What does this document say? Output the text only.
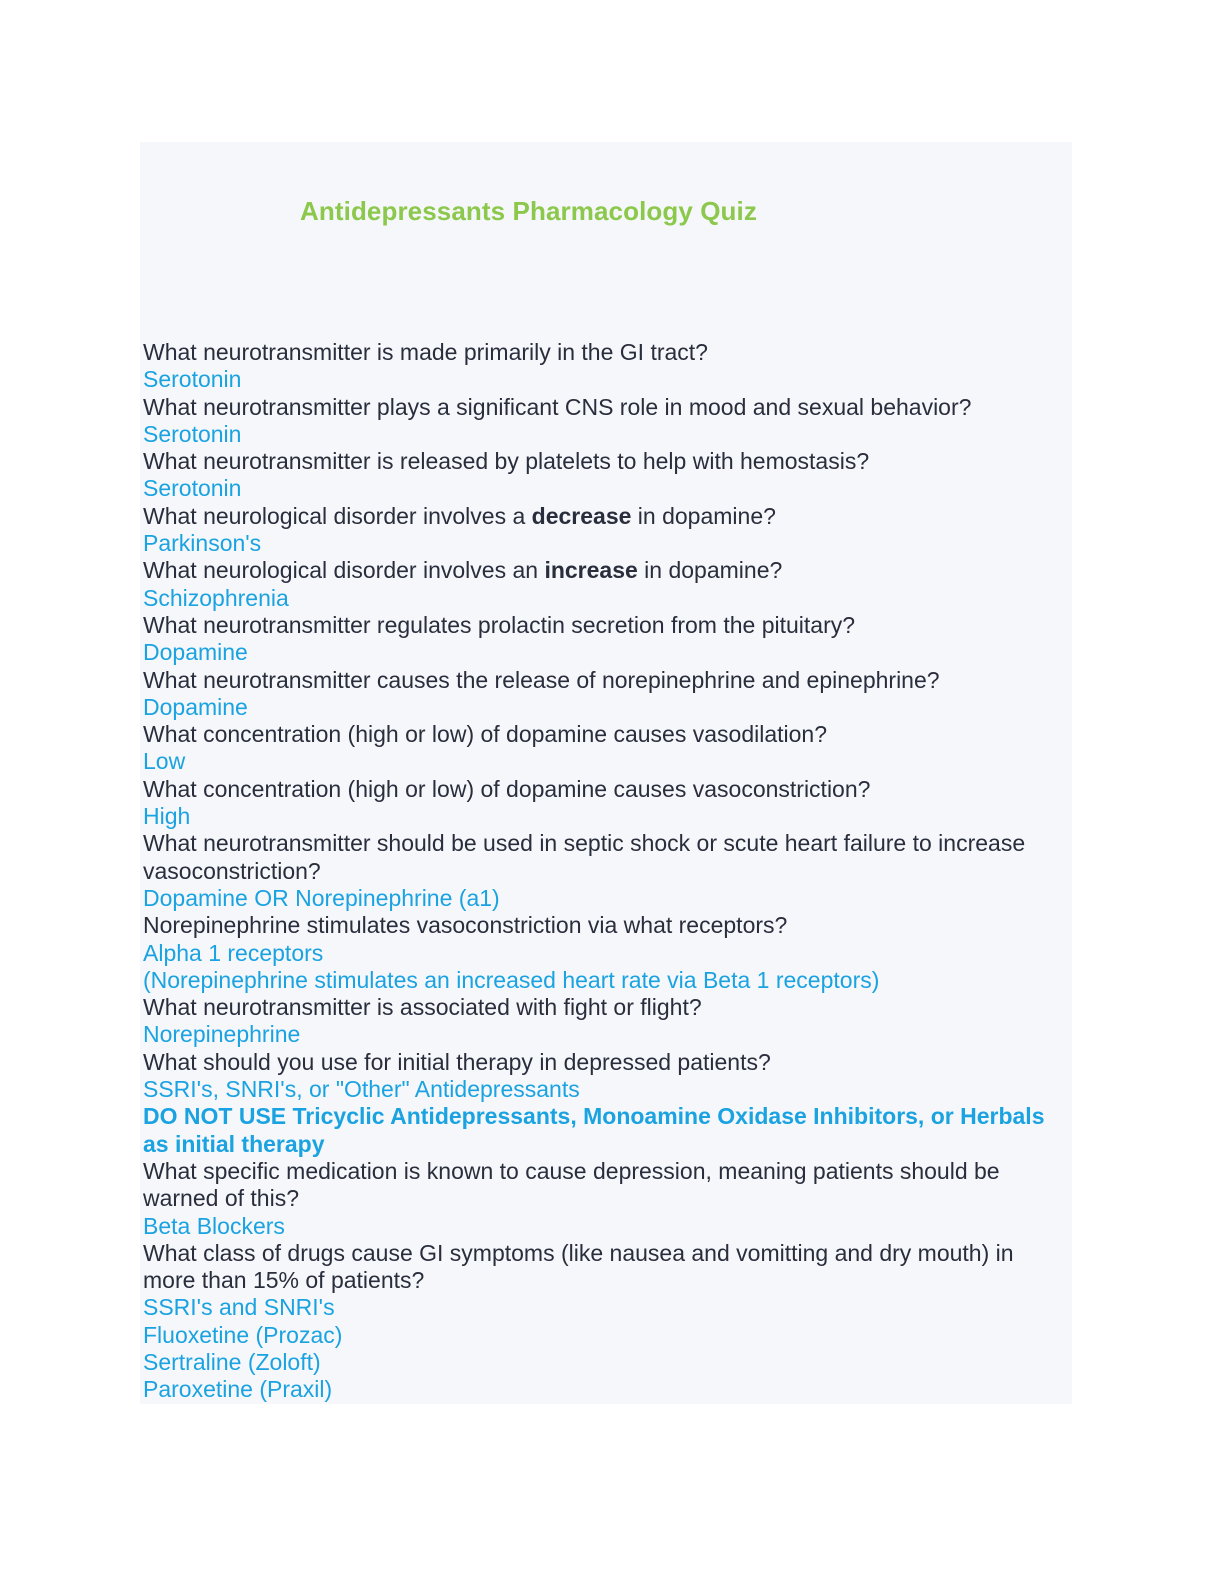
Antidepressants Pharmacology Quiz
What neurotransmitter is made primarily in the GI tract?
Serotonin
What neurotransmitter plays a significant CNS role in mood and sexual behavior?
Serotonin
What neurotransmitter is released by platelets to help with hemostasis?
Serotonin
What neurological disorder involves a decrease in dopamine?
Parkinson's
What neurological disorder involves an increase in dopamine?
Schizophrenia
What neurotransmitter regulates prolactin secretion from the pituitary?
Dopamine
What neurotransmitter causes the release of norepinephrine and epinephrine?
Dopamine
What concentration (high or low) of dopamine causes vasodilation?
Low
What concentration (high or low) of dopamine causes vasoconstriction?
High
What neurotransmitter should be used in septic shock or scute heart failure to increase vasoconstriction?
Dopamine OR Norepinephrine (a1)
Norepinephrine stimulates vasoconstriction via what receptors?
Alpha 1 receptors
(Norepinephrine stimulates an increased heart rate via Beta 1 receptors)
What neurotransmitter is associated with fight or flight?
Norepinephrine
What should you use for initial therapy in depressed patients?
SSRI's, SNRI's, or "Other" Antidepressants
DO NOT USE Tricyclic Antidepressants, Monoamine Oxidase Inhibitors, or Herbals as initial therapy
What specific medication is known to cause depression, meaning patients should be warned of this?
Beta Blockers
What class of drugs cause GI symptoms (like nausea and vomitting and dry mouth) in more than 15% of patients?
SSRI's and SNRI's
Fluoxetine (Prozac)
Sertraline (Zoloft)
Paroxetine (Praxil)
